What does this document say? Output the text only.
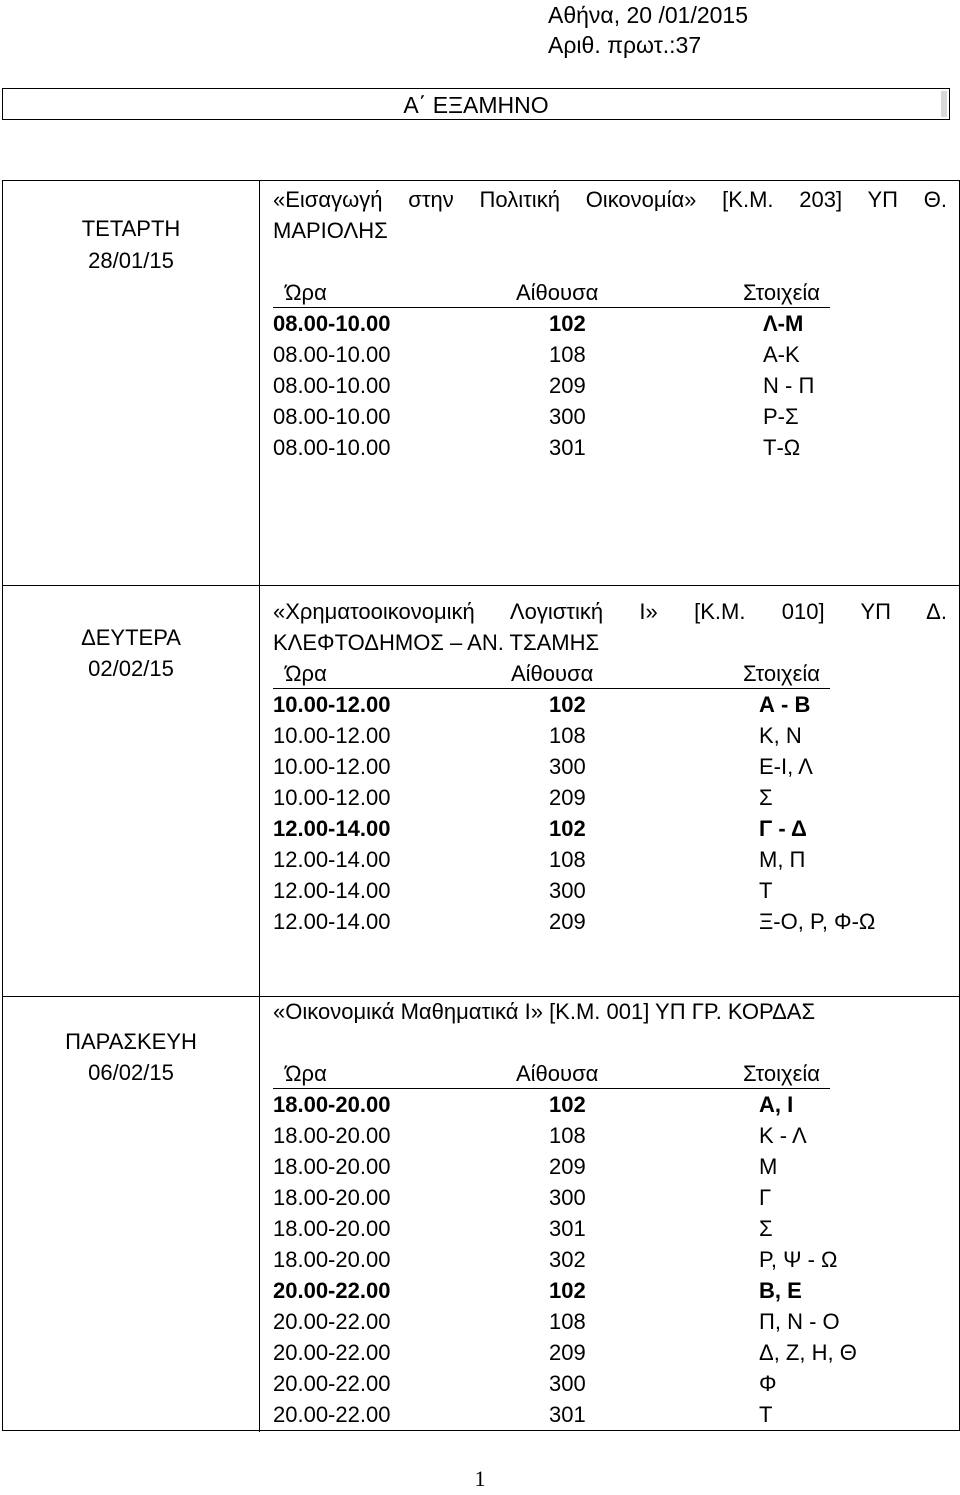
Αθήνα, 20 /01/2015
Αριθ. πρωτ.:37
Α΄ ΕΞΑΜΗΝΟ
ΤΕΤΑΡΤΗ
28/01/15
«Εισαγωγή στην Πολιτική Οικονομία» [Κ.Μ. 203] ΥΠ Θ.
ΜΑΡΙΟΛΗΣ
Ώρα	Αίθουσα	Στοιχεία
08.00-10.00	102	Λ-Μ
08.00-10.00	108	Α-Κ
08.00-10.00	209	Ν - Π
08.00-10.00	300	Ρ-Σ
08.00-10.00	301	Τ-Ω
ΔΕΥΤΕΡΑ
02/02/15
«Χρηματοοικονομική Λογιστική Ι» [Κ.Μ. 010] ΥΠ Δ.
ΚΛΕΦΤΟΔΗΜΟΣ – ΑΝ. ΤΣΑΜΗΣ
Ώρα	Αίθουσα	Στοιχεία
10.00-12.00	102	Α - Β
10.00-12.00	108	Κ, Ν
10.00-12.00	300	Ε-Ι, Λ
10.00-12.00	209	Σ
12.00-14.00	102	Γ - Δ
12.00-14.00	108	Μ, Π
12.00-14.00	300	Τ
12.00-14.00	209	Ξ-Ο, Ρ, Φ-Ω
ΠΑΡΑΣΚΕΥΗ
06/02/15
«Οικονομικά Μαθηματικά Ι» [Κ.Μ. 001] ΥΠ ΓΡ. ΚΟΡΔΑΣ
Ώρα	Αίθουσα	Στοιχεία
18.00-20.00	102	Α, Ι
18.00-20.00	108	Κ - Λ
18.00-20.00	209	Μ
18.00-20.00	300	Γ
18.00-20.00	301	Σ
18.00-20.00	302	Ρ, Ψ - Ω
20.00-22.00	102	Β, Ε
20.00-22.00	108	Π, Ν - Ο
20.00-22.00	209	Δ, Ζ, Η, Θ
20.00-22.00	300	Φ
20.00-22.00	301	Τ
1
